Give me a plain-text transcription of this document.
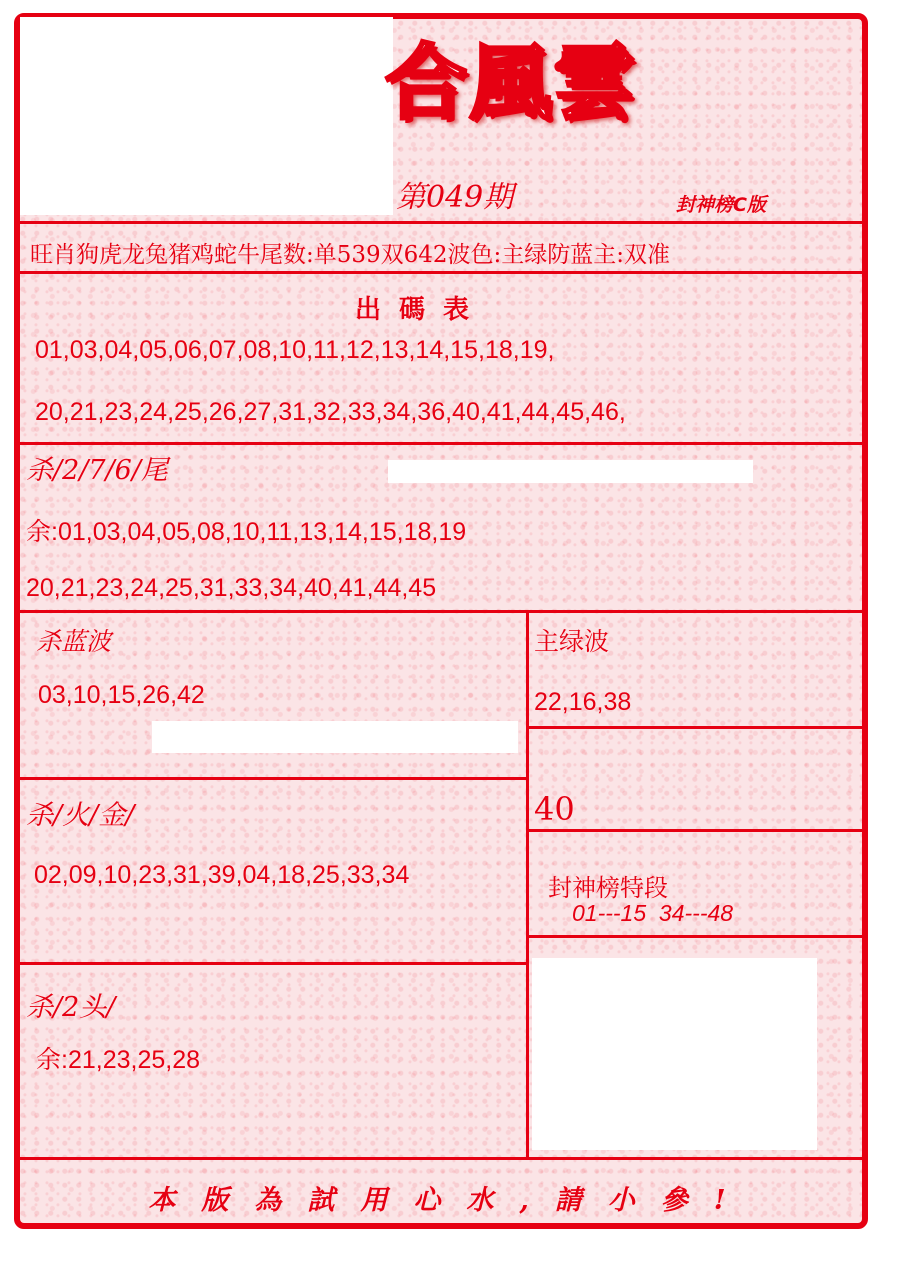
合風雲
第049期	封神榜C版
旺肖狗虎龙兔猪鸡蛇牛尾数:单539双642波色:主绿防蓝主:双准
出碼表
01,03,04,05,06,07,08,10,11,12,13,14,15,18,19,
20,21,23,24,25,26,27,31,32,33,34,36,40,41,44,45,46,
杀/2/7/6/尾
余:01,03,04,05,08,10,11,13,14,15,18,19
20,21,23,24,25,31,33,34,40,41,44,45
杀蓝波
03,10,15,26,42
主绿波
22,16,38
40
杀/火/金/
02,09,10,23,31,39,04,18,25,33,34	封神榜特段
01---15  34---48
杀/2头/
余:21,23,25,28
本版為試用心水,請小參!
